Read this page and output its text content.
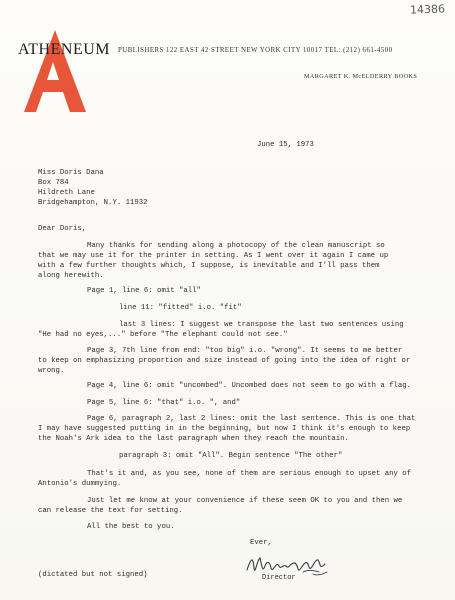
14386
ATHENEUM PUBLISHERS 122 EAST 42 STREET NEW YORK CITY 10017 TEL: (212) 661-4500
MARGARET K. McELDERRY BOOKS
June 15, 1973
Miss Doris Dana
Box 784
Hildreth Lane
Bridgehampton, N.Y. 11932
Dear Doris,
Many thanks for sending along a photocopy of the clean manuscript so
that we may use it for the printer in setting. As I went over it again I came up
with a few further thoughts which, I suppose, is inevitable and I'll pass them
along herewith.
Page 1, line 6: omit "all"
line 11: "fitted" i.o. "fit"
last 3 lines: I suggest we transpose the last two sentences using
"He had no eyes,..." before "The elephant could not see."
Page 3, 7th line from end: "too big" i.o. "wrong". It seems to me better
to keep on emphasizing proportion and size instead of going into the idea of right or
wrong.
Page 4, line 6: omit "uncombed". Uncombed does not seem to go with a flag.
Page 5, line 6: "that" i.o. ", and"
Page 6, paragraph 2, last 2 lines: omit the last sentence. This is one that
I may have suggested putting in in the beginning, but now I think it's enough to keep
the Noah's Ark idea to the last paragraph when they reach the mountain.
paragraph 3: omit "All". Begin sentence "The other"
That's it and, as you see, none of them are serious enough to upset any of
Antonio's dummying.
Just let me know at your convenience if these seem OK to you and then we
can release the text for setting.
All the best to you.
Ever,
(dictated but not signed)	Director
